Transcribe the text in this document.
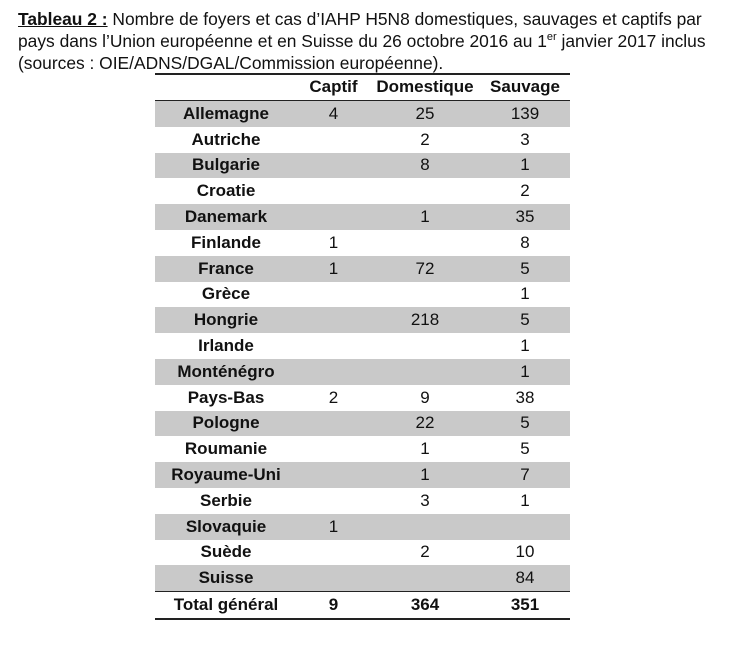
Tableau 2 : Nombre de foyers et cas d’IAHP H5N8 domestiques, sauvages et captifs par
pays dans l’Union européenne et en Suisse du 26 octobre 2016 au 1er janvier 2017 inclus
(sources : OIE/ADNS/DGAL/Commission européenne).
	Captif	Domestique	Sauvage
Allemagne	4	25	139
Autriche		2	3
Bulgarie		8	1
Croatie			2
Danemark		1	35
Finlande	1		8
France	1	72	5
Grèce			1
Hongrie		218	5
Irlande			1
Monténégro			1
Pays-Bas	2	9	38
Pologne		22	5
Roumanie		1	5
Royaume-Uni		1	7
Serbie		3	1
Slovaquie	1		
Suède		2	10
Suisse			84
Total général	9	364	351
